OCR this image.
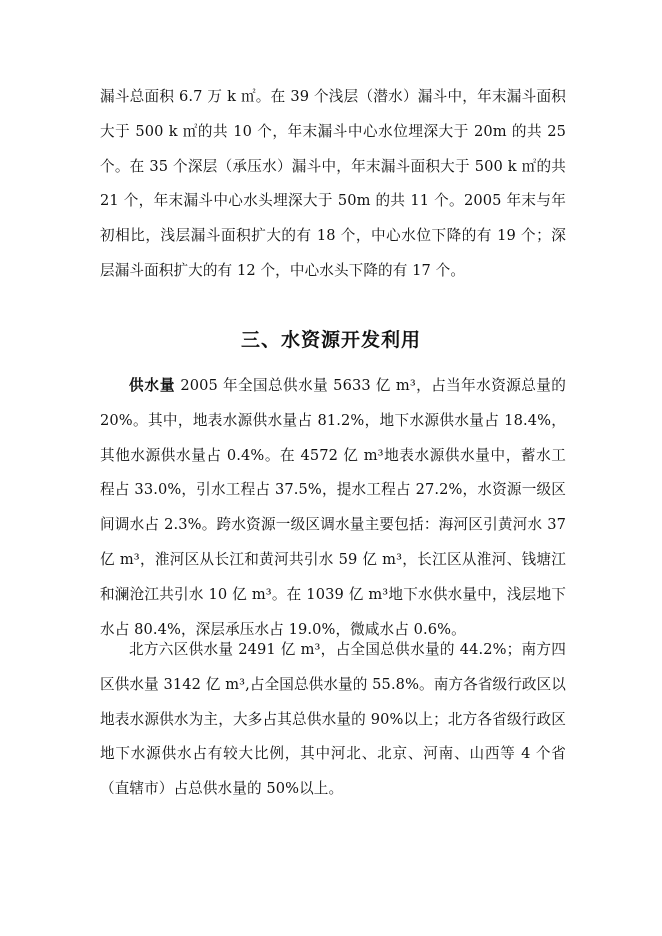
漏斗总面积 6.7 万 k ㎡。在 39 个浅层（潜水）漏斗中，年末漏斗面积大于 500 k ㎡的共 10 个，年末漏斗中心水位埋深大于 20m 的共 25 个。在 35 个深层（承压水）漏斗中，年末漏斗面积大于 500 k ㎡的共 21 个，年末漏斗中心水头埋深大于 50m 的共 11 个。2005 年末与年初相比，浅层漏斗面积扩大的有 18 个，中心水位下降的有 19 个；深层漏斗面积扩大的有 12 个，中心水头下降的有 17 个。

三、水资源开发利用

供水量 2005 年全国总供水量 5633 亿 m³，占当年水资源总量的 20%。其中，地表水源供水量占 81.2%，地下水源供水量占 18.4%，其他水源供水量占 0.4%。在 4572 亿 m³地表水源供水量中，蓄水工程占 33.0%，引水工程占 37.5%，提水工程占 27.2%，水资源一级区间调水占 2.3%。跨水资源一级区调水量主要包括：海河区引黄河水 37 亿 m³，淮河区从长江和黄河共引水 59 亿 m³，长江区从淮河、钱塘江和澜沧江共引水 10 亿 m³。在 1039 亿 m³地下水供水量中，浅层地下水占 80.4%，深层承压水占 19.0%，微咸水占 0.6%。

北方六区供水量 2491 亿 m³，占全国总供水量的 44.2%；南方四区供水量 3142 亿 m³,占全国总供水量的 55.8%。南方各省级行政区以地表水源供水为主，大多占其总供水量的 90%以上；北方各省级行政区地下水源供水占有较大比例，其中河北、北京、河南、山西等 4 个省（直辖市）占总供水量的 50%以上。
